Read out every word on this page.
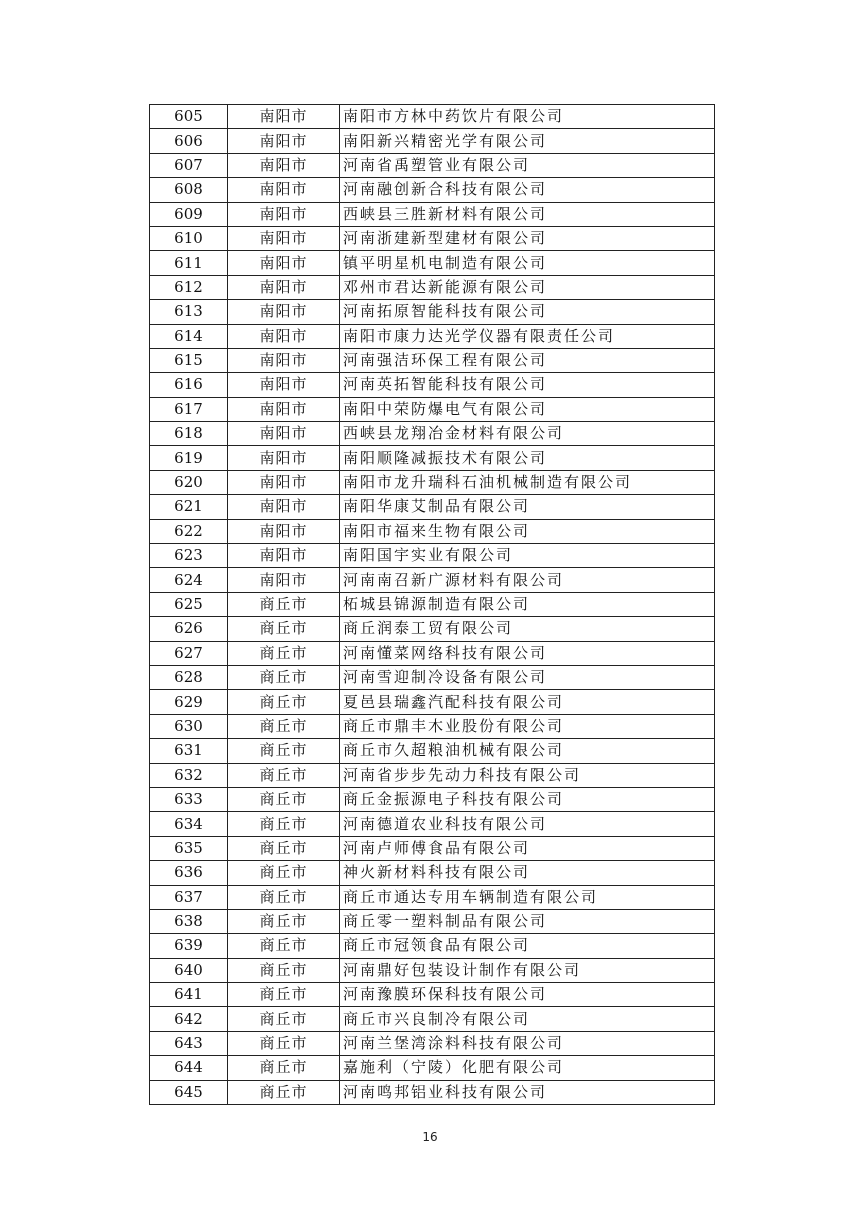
605	南阳市	南阳市方林中药饮片有限公司
606	南阳市	南阳新兴精密光学有限公司
607	南阳市	河南省禹塑管业有限公司
608	南阳市	河南融创新合科技有限公司
609	南阳市	西峡县三胜新材料有限公司
610	南阳市	河南浙建新型建材有限公司
611	南阳市	镇平明星机电制造有限公司
612	南阳市	邓州市君达新能源有限公司
613	南阳市	河南拓原智能科技有限公司
614	南阳市	南阳市康力达光学仪器有限责任公司
615	南阳市	河南强洁环保工程有限公司
616	南阳市	河南英拓智能科技有限公司
617	南阳市	南阳中荣防爆电气有限公司
618	南阳市	西峡县龙翔冶金材料有限公司
619	南阳市	南阳顺隆减振技术有限公司
620	南阳市	南阳市龙升瑞科石油机械制造有限公司
621	南阳市	南阳华康艾制品有限公司
622	南阳市	南阳市福来生物有限公司
623	南阳市	南阳国宇实业有限公司
624	南阳市	河南南召新广源材料有限公司
625	商丘市	柘城县锦源制造有限公司
626	商丘市	商丘润泰工贸有限公司
627	商丘市	河南懂菜网络科技有限公司
628	商丘市	河南雪迎制冷设备有限公司
629	商丘市	夏邑县瑞鑫汽配科技有限公司
630	商丘市	商丘市鼎丰木业股份有限公司
631	商丘市	商丘市久超粮油机械有限公司
632	商丘市	河南省步步先动力科技有限公司
633	商丘市	商丘金振源电子科技有限公司
634	商丘市	河南德道农业科技有限公司
635	商丘市	河南卢师傅食品有限公司
636	商丘市	神火新材料科技有限公司
637	商丘市	商丘市通达专用车辆制造有限公司
638	商丘市	商丘零一塑料制品有限公司
639	商丘市	商丘市冠领食品有限公司
640	商丘市	河南鼎好包装设计制作有限公司
641	商丘市	河南豫膜环保科技有限公司
642	商丘市	商丘市兴良制冷有限公司
643	商丘市	河南兰堡湾涂料科技有限公司
644	商丘市	嘉施利（宁陵）化肥有限公司
645	商丘市	河南鸣邦铝业科技有限公司
16
